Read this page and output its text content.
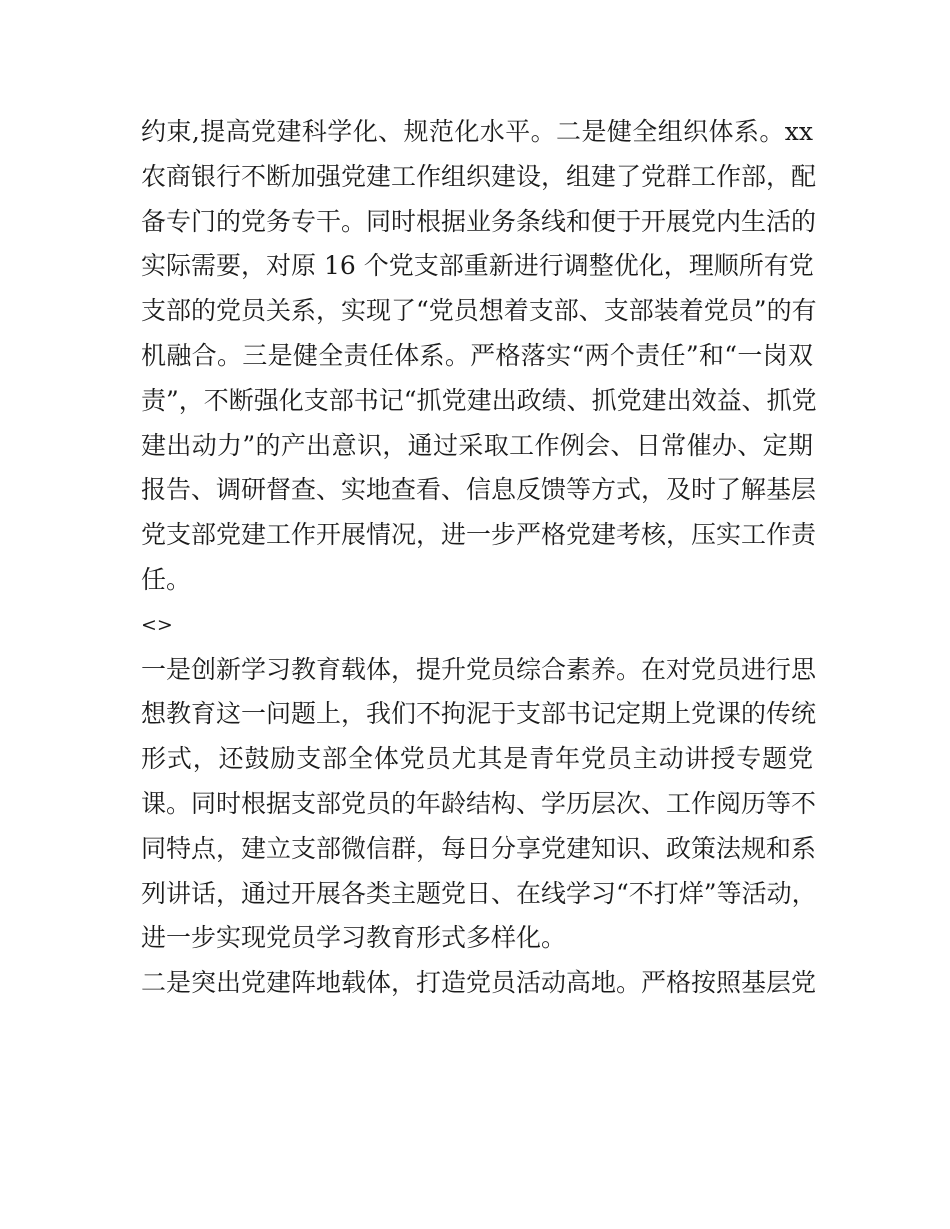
约束,提高党建科学化、规范化水平。二是健全组织体系。xx
农商银行不断加强党建工作组织建设，组建了党群工作部，配
备专门的党务专干。同时根据业务条线和便于开展党内生活的
实际需要，对原 16 个党支部重新进行调整优化，理顺所有党
支部的党员关系，实现了“党员想着支部、支部装着党员”的有
机融合。三是健全责任体系。严格落实“两个责任”和“一岗双
责”，不断强化支部书记“抓党建出政绩、抓党建出效益、抓党
建出动力”的产出意识，通过采取工作例会、日常催办、定期
报告、调研督查、实地查看、信息反馈等方式，及时了解基层
党支部党建工作开展情况，进一步严格党建考核，压实工作责
任。
<>
一是创新学习教育载体，提升党员综合素养。在对党员进行思
想教育这一问题上，我们不拘泥于支部书记定期上党课的传统
形式，还鼓励支部全体党员尤其是青年党员主动讲授专题党
课。同时根据支部党员的年龄结构、学历层次、工作阅历等不
同特点，建立支部微信群，每日分享党建知识、政策法规和系
列讲话，通过开展各类主题党日、在线学习“不打烊”等活动，
进一步实现党员学习教育形式多样化。
二是突出党建阵地载体，打造党员活动高地。严格按照基层党
